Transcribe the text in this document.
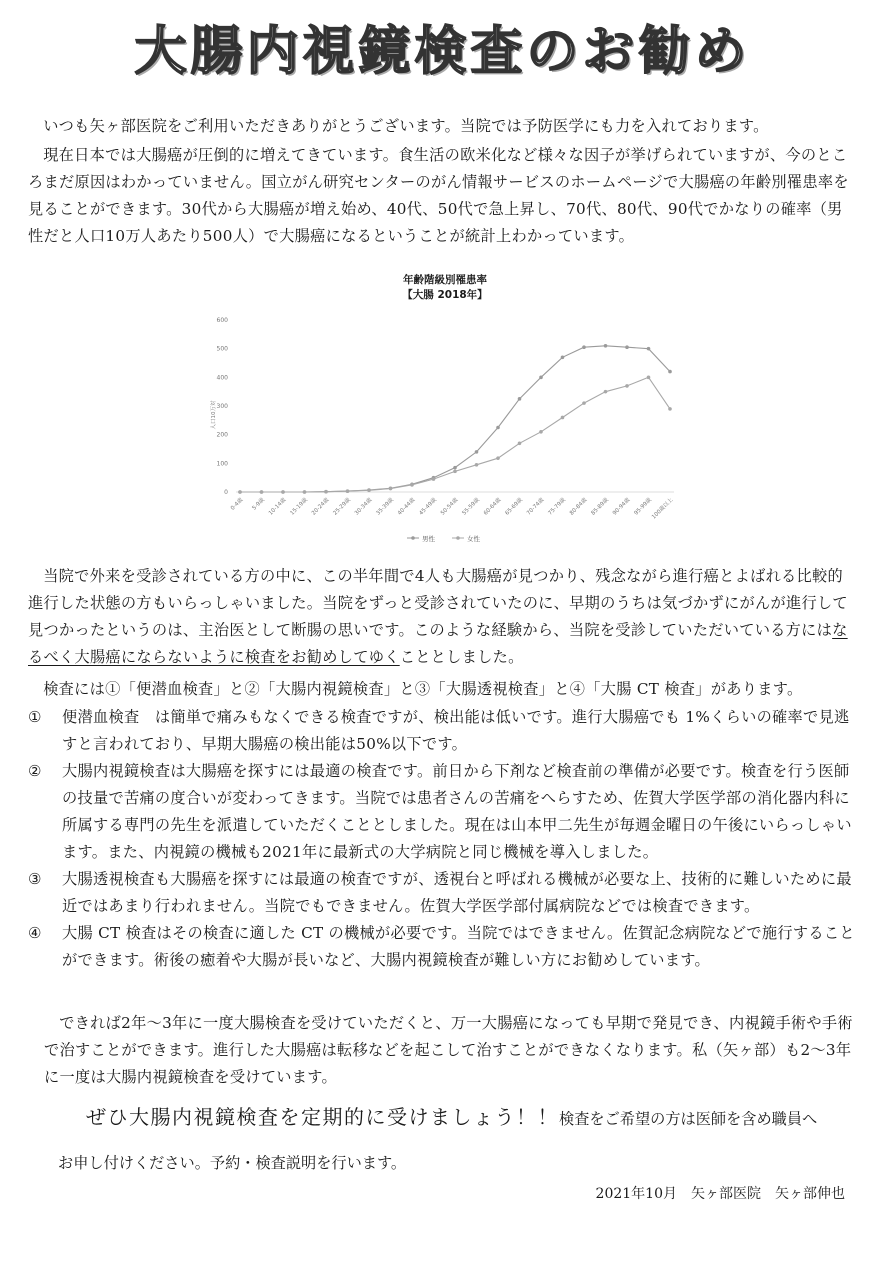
大腸内視鏡検査のお勧め
いつも矢ヶ部医院をご利用いただきありがとうございます。当院では予防医学にも力を入れております。
現在日本では大腸癌が圧倒的に増えてきています。食生活の欧米化など様々な因子が挙げられていますが、今のところまだ原因はわかっていません。国立がん研究センターのがん情報サービスのホームページで大腸癌の年齢別罹患率を見ることができます。30代から大腸癌が増え始め、40代、50代で急上昇し、70代、80代、90代でかなりの確率（男性だと人口10万人あたり500人）で大腸癌になるということが統計上わかっています。
年齢階級別罹患率
【大腸 2018年】
0
100
200
300
400
500
600
人口10万対
0-4歳 5-9歳 10-14歳 15-19歳 20-24歳 25-29歳 30-34歳 35-39歳 40-44歳 45-49歳 50-54歳 55-59歳 60-64歳 65-69歳 70-74歳 75-79歳 80-84歳 85-89歳 90-94歳 95-99歳
100歳以上
男性	女性
当院で外来を受診されている方の中に、この半年間で4人も大腸癌が見つかり、残念ながら進行癌とよばれる比較的進行した状態の方もいらっしゃいました。当院をずっと受診されていたのに、早期のうちは気づかずにがんが進行して見つかったというのは、主治医として断腸の思いです。このような経験から、当院を受診していただいている方にはなるべく大腸癌にならないように検査をお勧めしてゆくこととしました。
検査には①「便潜血検査」と②「大腸内視鏡検査」と③「大腸透視検査」と④「大腸 CT 検査」があります。
①	便潜血検査　は簡単で痛みもなくできる検査ですが、検出能は低いです。進行大腸癌でも 1%くらいの確率で見逃すと言われており、早期大腸癌の検出能は50%以下です。
②	大腸内視鏡検査は大腸癌を探すには最適の検査です。前日から下剤など検査前の準備が必要です。検査を行う医師の技量で苦痛の度合いが変わってきます。当院では患者さんの苦痛をへらすため、佐賀大学医学部の消化器内科に所属する専門の先生を派遣していただくこととしました。現在は山本甲二先生が毎週金曜日の午後にいらっしゃいます。また、内視鏡の機械も2021年に最新式の大学病院と同じ機械を導入しました。
③	大腸透視検査も大腸癌を探すには最適の検査ですが、透視台と呼ばれる機械が必要な上、技術的に難しいために最近ではあまり行われません。当院でもできません。佐賀大学医学部付属病院などでは検査できます。
④	大腸 CT 検査はその検査に適した CT の機械が必要です。当院ではできません。佐賀記念病院などで施行することができます。術後の癒着や大腸が長いなど、大腸内視鏡検査が難しい方にお勧めしています。
できれば2年～3年に一度大腸検査を受けていただくと、万一大腸癌になっても早期で発見でき、内視鏡手術や手術で治すことができます。進行した大腸癌は転移などを起こして治すことができなくなります。私（矢ヶ部）も2～3年に一度は大腸内視鏡検査を受けています。
ぜひ大腸内視鏡検査を定期的に受けましょう！！検査をご希望の方は医師を含め職員へ
お申し付けください。予約・検査説明を行います。
2021年10月　矢ヶ部医院　矢ヶ部伸也
